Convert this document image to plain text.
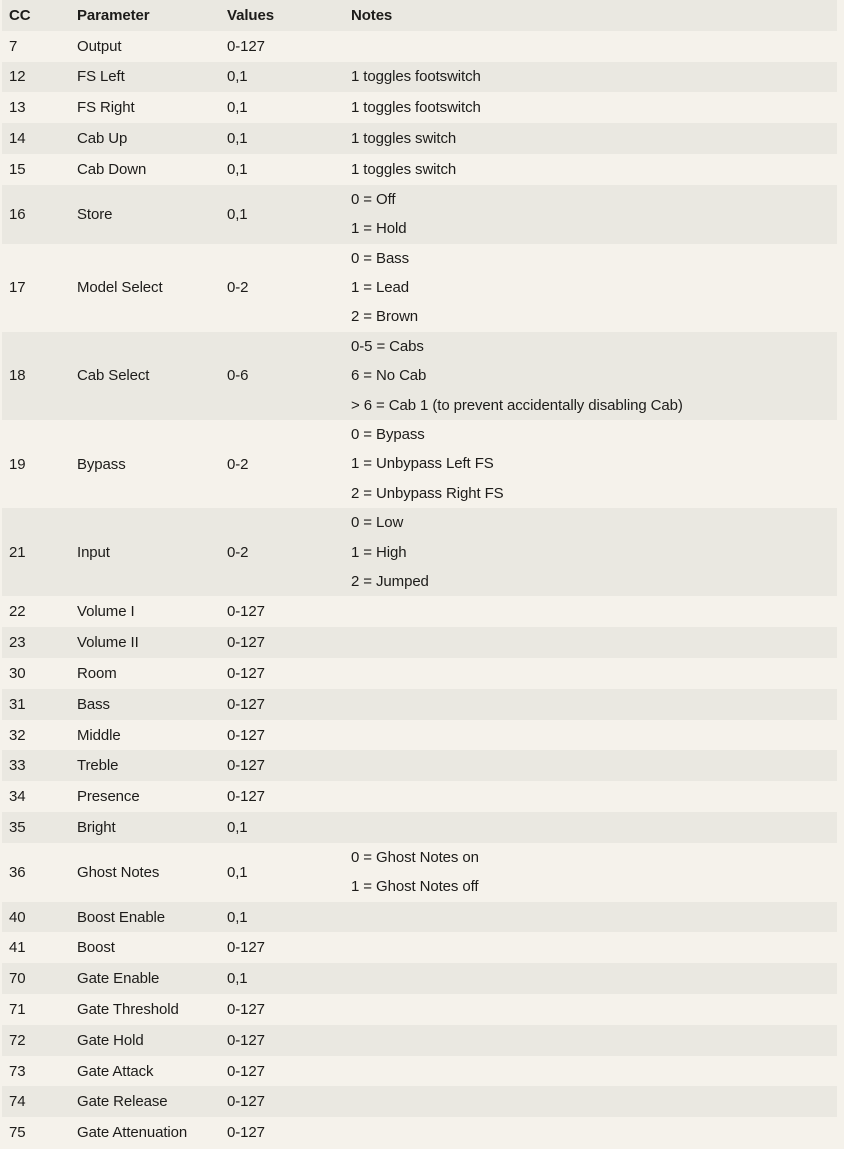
CC	Parameter	Values	Notes
7	Output	0-127
12	FS Left	0,1	1 toggles footswitch
13	FS Right	0,1	1 toggles footswitch
14	Cab Up	0,1	1 toggles switch
15	Cab Down	0,1	1 toggles switch
16	Store	0,1
0 = Off
1 = Hold
17	Model Select	0-2
0 = Bass
1 = Lead
2 = Brown
18	Cab Select	0-6
0-5 = Cabs
6 = No Cab
> 6 = Cab 1 (to prevent accidentally disabling Cab)
19	Bypass	0-2
0 = Bypass
1 = Unbypass Left FS
2 = Unbypass Right FS
21	Input	0-2
0 = Low
1 = High
2 = Jumped
22	Volume I	0-127
23	Volume II	0-127
30	Room	0-127
31	Bass	0-127
32	Middle	0-127
33	Treble	0-127
34	Presence	0-127
35	Bright	0,1
36	Ghost Notes	0,1
0 = Ghost Notes on
1 = Ghost Notes off
40	Boost Enable	0,1
41	Boost	0-127
70	Gate Enable	0,1
71	Gate Threshold	0-127
72	Gate Hold	0-127
73	Gate Attack	0-127
74	Gate Release	0-127
75	Gate Attenuation	0-127
